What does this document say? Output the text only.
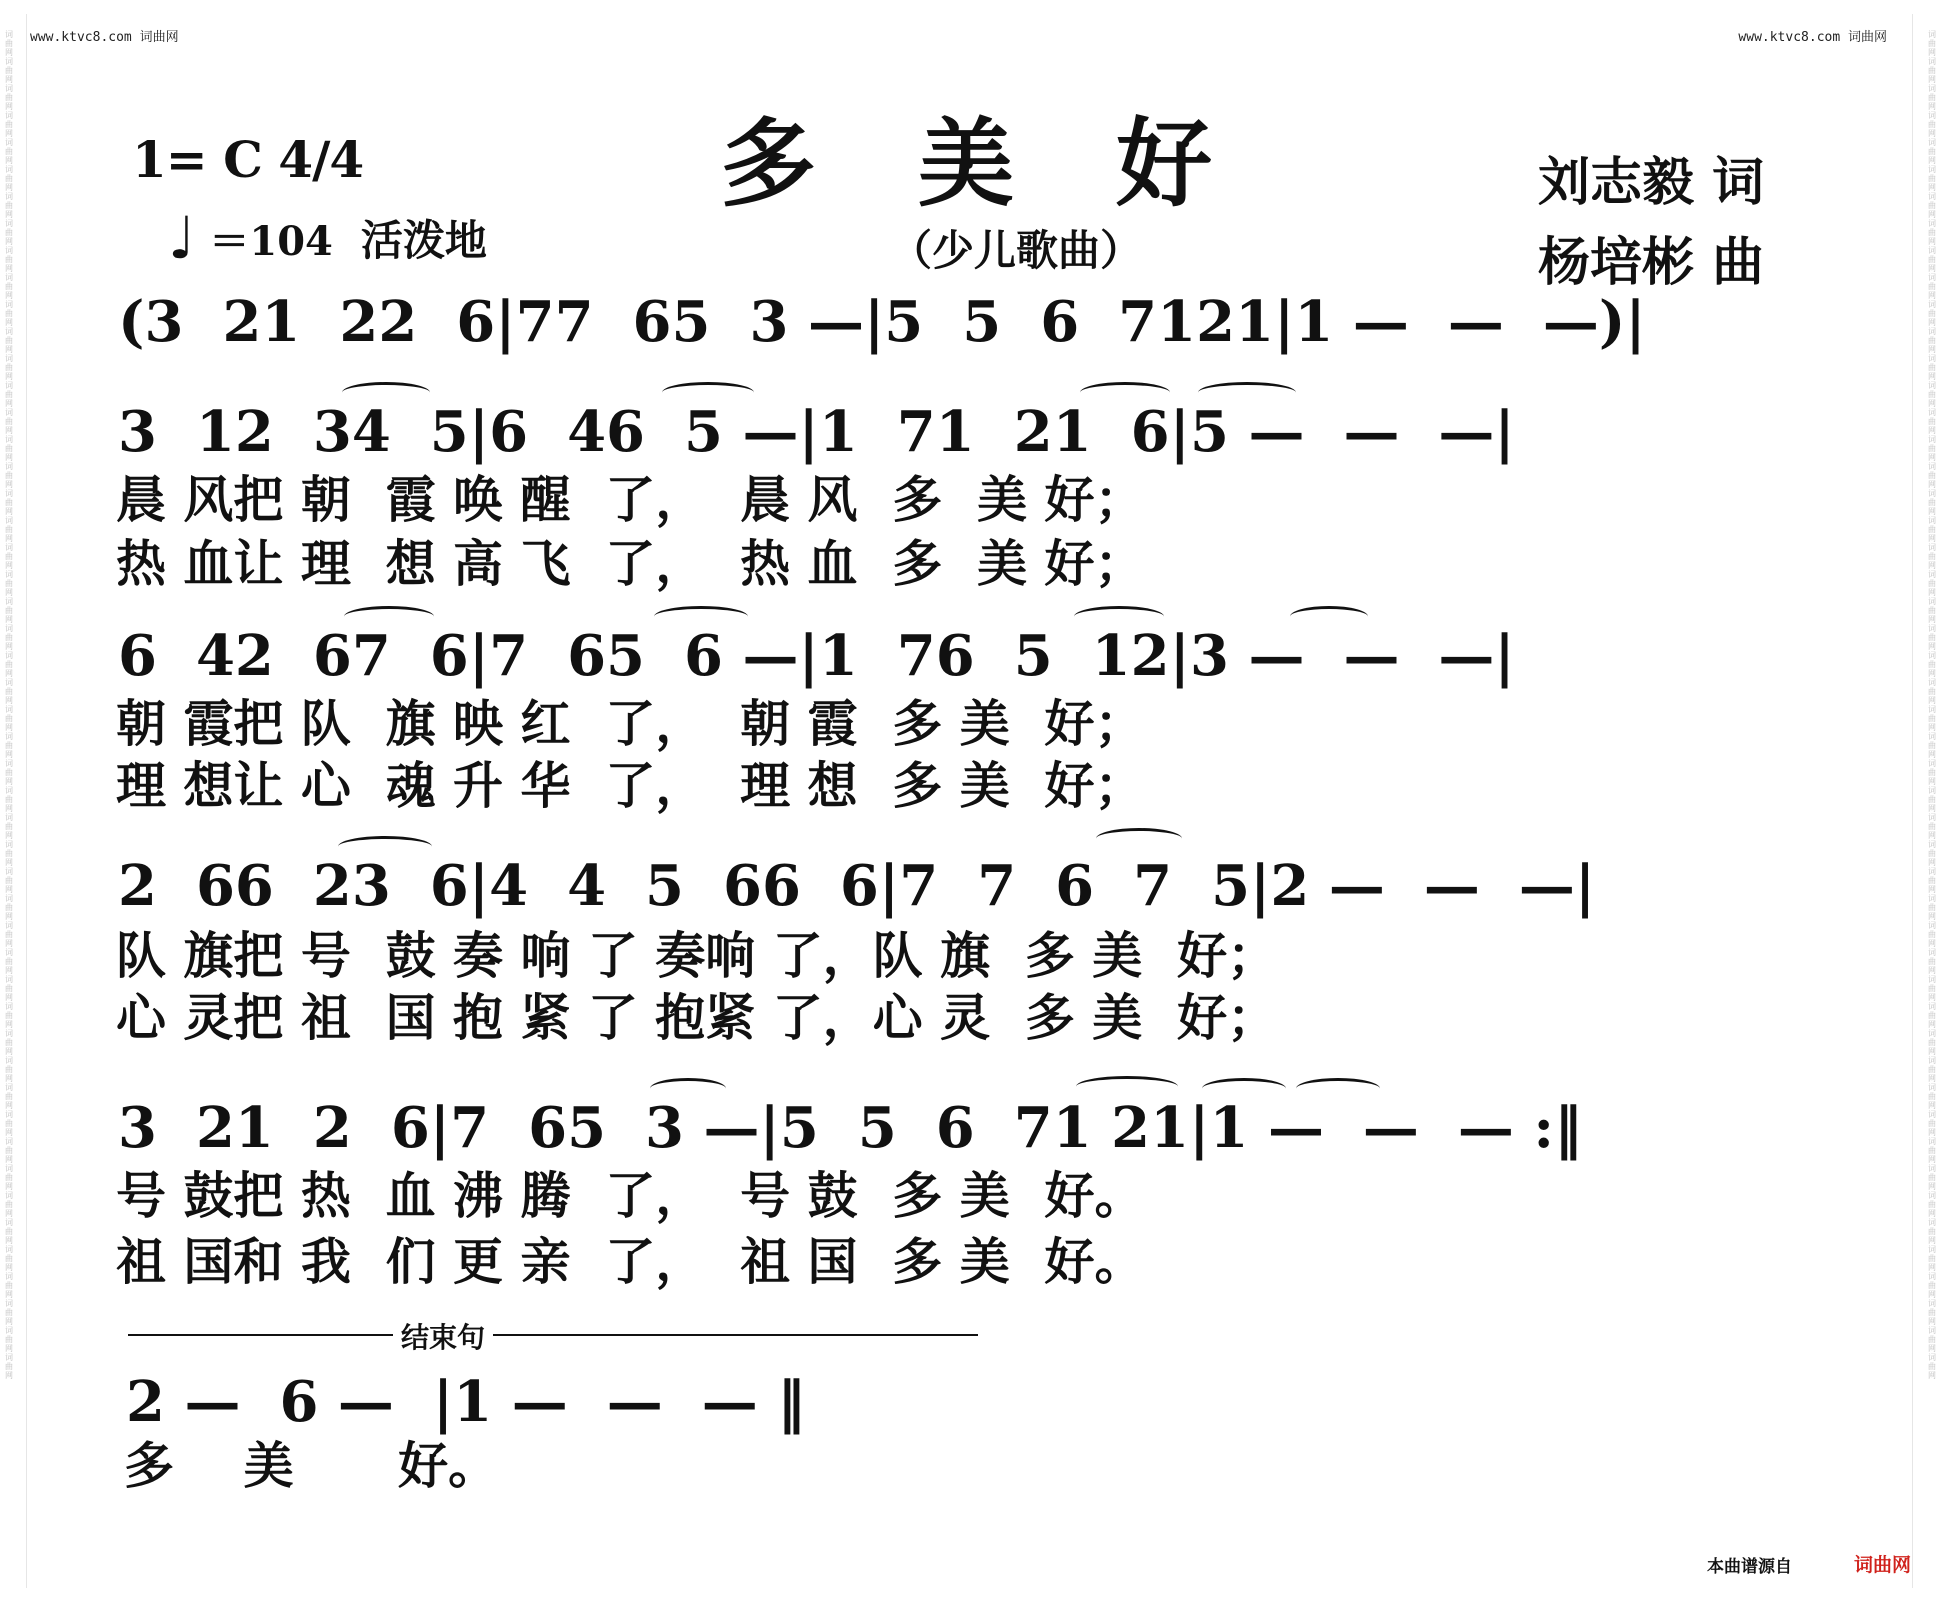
词曲网词曲网词曲网词曲网词曲网词曲网词曲网词曲网词曲网词曲网词曲网词曲网词曲网词曲网词曲网词曲网词曲网词曲网词曲网词曲网词曲网词曲网词曲网词曲网词曲网词曲网词曲网词曲网词曲网词曲网词曲网词曲网词曲网词曲网词曲网词曲网词曲网词曲网词曲网词曲网词曲网词曲网词曲网词曲网词曲网词曲网词曲网词曲网词曲网词曲网
词曲网词曲网词曲网词曲网词曲网词曲网词曲网词曲网词曲网词曲网词曲网词曲网词曲网词曲网词曲网词曲网词曲网词曲网词曲网词曲网词曲网词曲网词曲网词曲网词曲网词曲网词曲网词曲网词曲网词曲网词曲网词曲网词曲网词曲网词曲网词曲网词曲网词曲网词曲网词曲网词曲网词曲网词曲网词曲网词曲网词曲网词曲网词曲网词曲网词曲网
www.ktvc8.com 词曲网	www.ktvc8.com 词曲网
1= C 4/4
♩ ＝104 活泼地
多美好
（少儿歌曲）
刘志毅 词
杨培彬 曲
(3  21  22  6|77  65  3 —|5  5  6  7121|1 —  —  —)|
3  12  34  5|6  46  5 —|1  71  21  6|5 —  —  —|
晨 风把 朝  霞 唤 醒  了，  晨 风  多  美 好；
热 血让 理  想 高 飞  了，  热 血  多  美 好；
6  42  67  6|7  65  6 —|1  76  5  12|3 —  —  —|
朝 霞把 队  旗 映 红  了，  朝 霞  多 美  好；
理 想让 心  魂 升 华  了，  理 想  多 美  好；
2  66  23  6|4  4  5  66  6|7  7  6  7  5|2 —  —  —|
队 旗把 号  鼓 奏 响 了 奏响 了，队 旗  多 美  好；
心 灵把 祖  国 抱 紧 了 抱紧 了，心 灵  多 美  好；
3  21  2  6|7  65  3 —|5  5  6  71 21|1 —  —  — :‖
号 鼓把 热  血 沸 腾  了，  号 鼓  多 美  好。
祖 国和 我  们 更 亲  了，  祖 国  多 美  好。
结束句
2 —  6 —  |1 —  —  — ‖
多    美      好。
本曲谱源自	词曲网
